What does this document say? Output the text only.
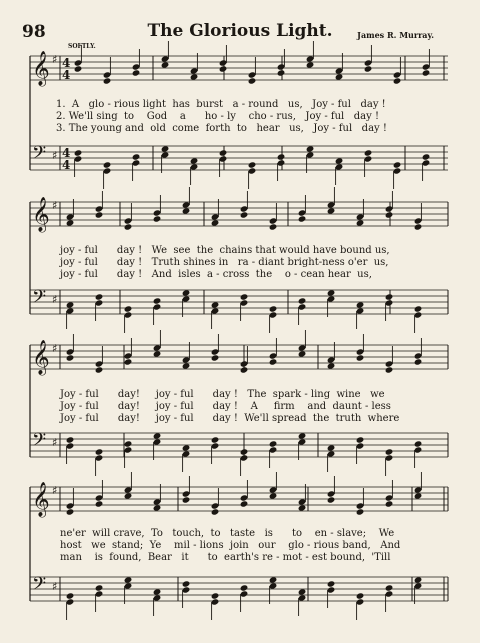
98	The Glorious Light.	James R. Murray.
SOFTLY.
𝄞 ♯ 4
4
𝄢 ♯ 4
4
𝄞 ♯
𝄢 ♯
𝄞 ♯
𝄢 ♯
𝄞 ♯
𝄢 ♯
1.  A   glo - rious light  has  burst   a - round   us,   Joy - ful   day !
2. We'll sing  to    God    a      ho - ly    cho - rus,   Joy - ful   day !
3. The young and  old  come  forth  to   hear   us,   Joy - ful   day !
joy - ful      day !   We  see  the  chains that would have bound us,
joy - ful      day !   Truth shines in   ra - diant bright-ness o'er  us,
joy - ful      day !   And  isles  a - cross  the    o - cean hear  us,
Joy - ful      day!     joy - ful      day !   The  spark - ling  wine   we
Joy - ful      day!     joy - ful      day !    A     firm    and  daunt - less
Joy - ful      day!     joy - ful      day !  We'll spread  the  truth  where
ne'er  will crave,  To   touch,  to   taste   is      to    en - slave;    We
host   we  stand;  Ye    mil - lions  join   our    glo - rious band,   And
man    is  found,  Bear   it      to  earth's re - mot - est bound,  'Till
